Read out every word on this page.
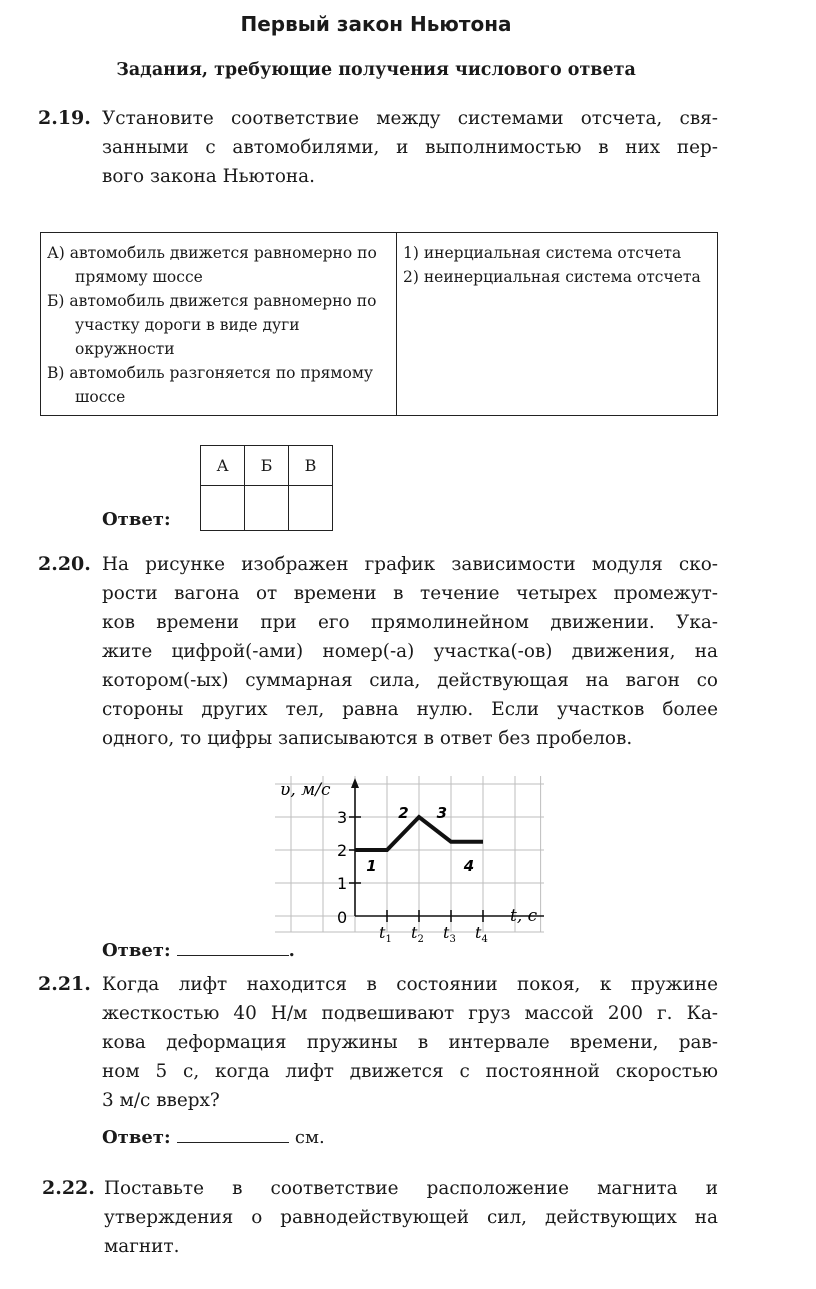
Первый закон Ньютона
Задания, требующие получения числового ответа
2.19. Установите соответствие между системами отсчета, свя-
занными с автомобилями, и выполнимостью в них пер-
вого закона Ньютона.
А) автомобиль движется равномерно по прямому шоссе
Б) автомобиль движется равномерно по участку дороги в виде дуги окружности
В) автомобиль разгоняется по прямому шоссе

1) инерциальная система отсчета
2) неинерциальная система отсчета
Ответ:
А	Б	В

2.20. На рисунке изображен график зависимости модуля ско-
рости вагона от времени в течение четырех промежут-
ков времени при его прямолинейном движении. Ука-
жите цифрой(-ами) номер(-а) участка(-ов) движения, на
котором(-ых) суммарная сила, действующая на вагон со
стороны других тел, равна нулю. Если участков более
одного, то цифры записываются в ответ без пробелов.
υ, м/с
t, с
0
1
2
3
$t_1$ $t_2$ $t_3$ $t_4$
1
2 3
4
Ответ:	.
2.21. Когда лифт находится в состоянии покоя, к пружине
жесткостью 40 Н/м подвешивают груз массой 200 г. Ка-
кова деформация пружины в интервале времени, рав-
ном 5 с, когда лифт движется с постоянной скоростью
3 м/с вверх?
Ответ:	см.
2.22. Поставьте в соответствие расположение магнита и
утверждения о равнодействующей сил, действующих на
магнит.
